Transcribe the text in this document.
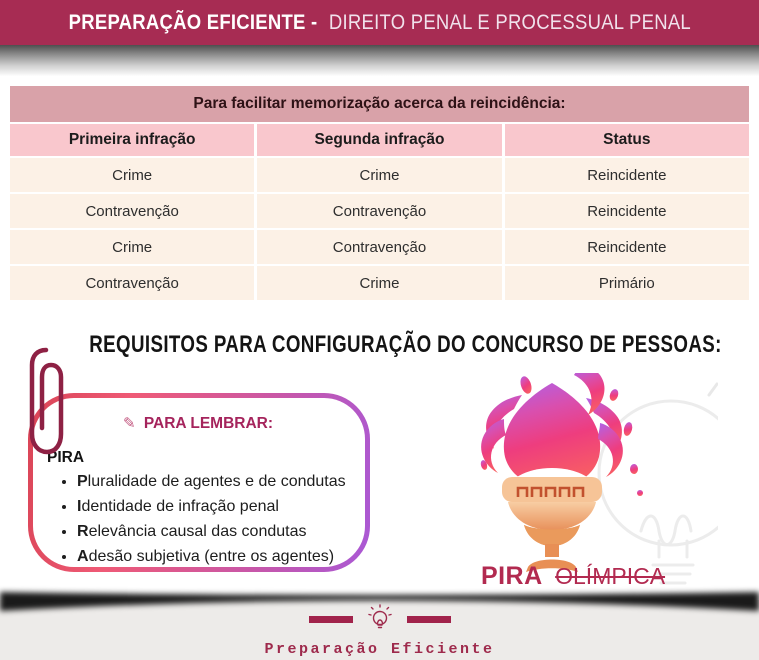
PREPARAÇÃO EFICIENTE - DIREITO PENAL E PROCESSUAL PENAL
Para facilitar memorização acerca da reincidência:
Primeira infração	Segunda infração	Status
Crime	Crime	Reincidente
Contravenção	Contravenção	Reincidente
Crime	Contravenção	Reincidente
Contravenção	Crime	Primário
REQUISITOS PARA CONFIGURAÇÃO DO CONCURSO DE PESSOAS:
✎ PARA LEMBRAR:
PIRA
• Pluralidade de agentes e de condutas
• Identidade de infração penal
• Relevância causal das condutas
• Adesão subjetiva (entre os agentes)
PIRA OLÍMPICA
Preparação Eficiente
